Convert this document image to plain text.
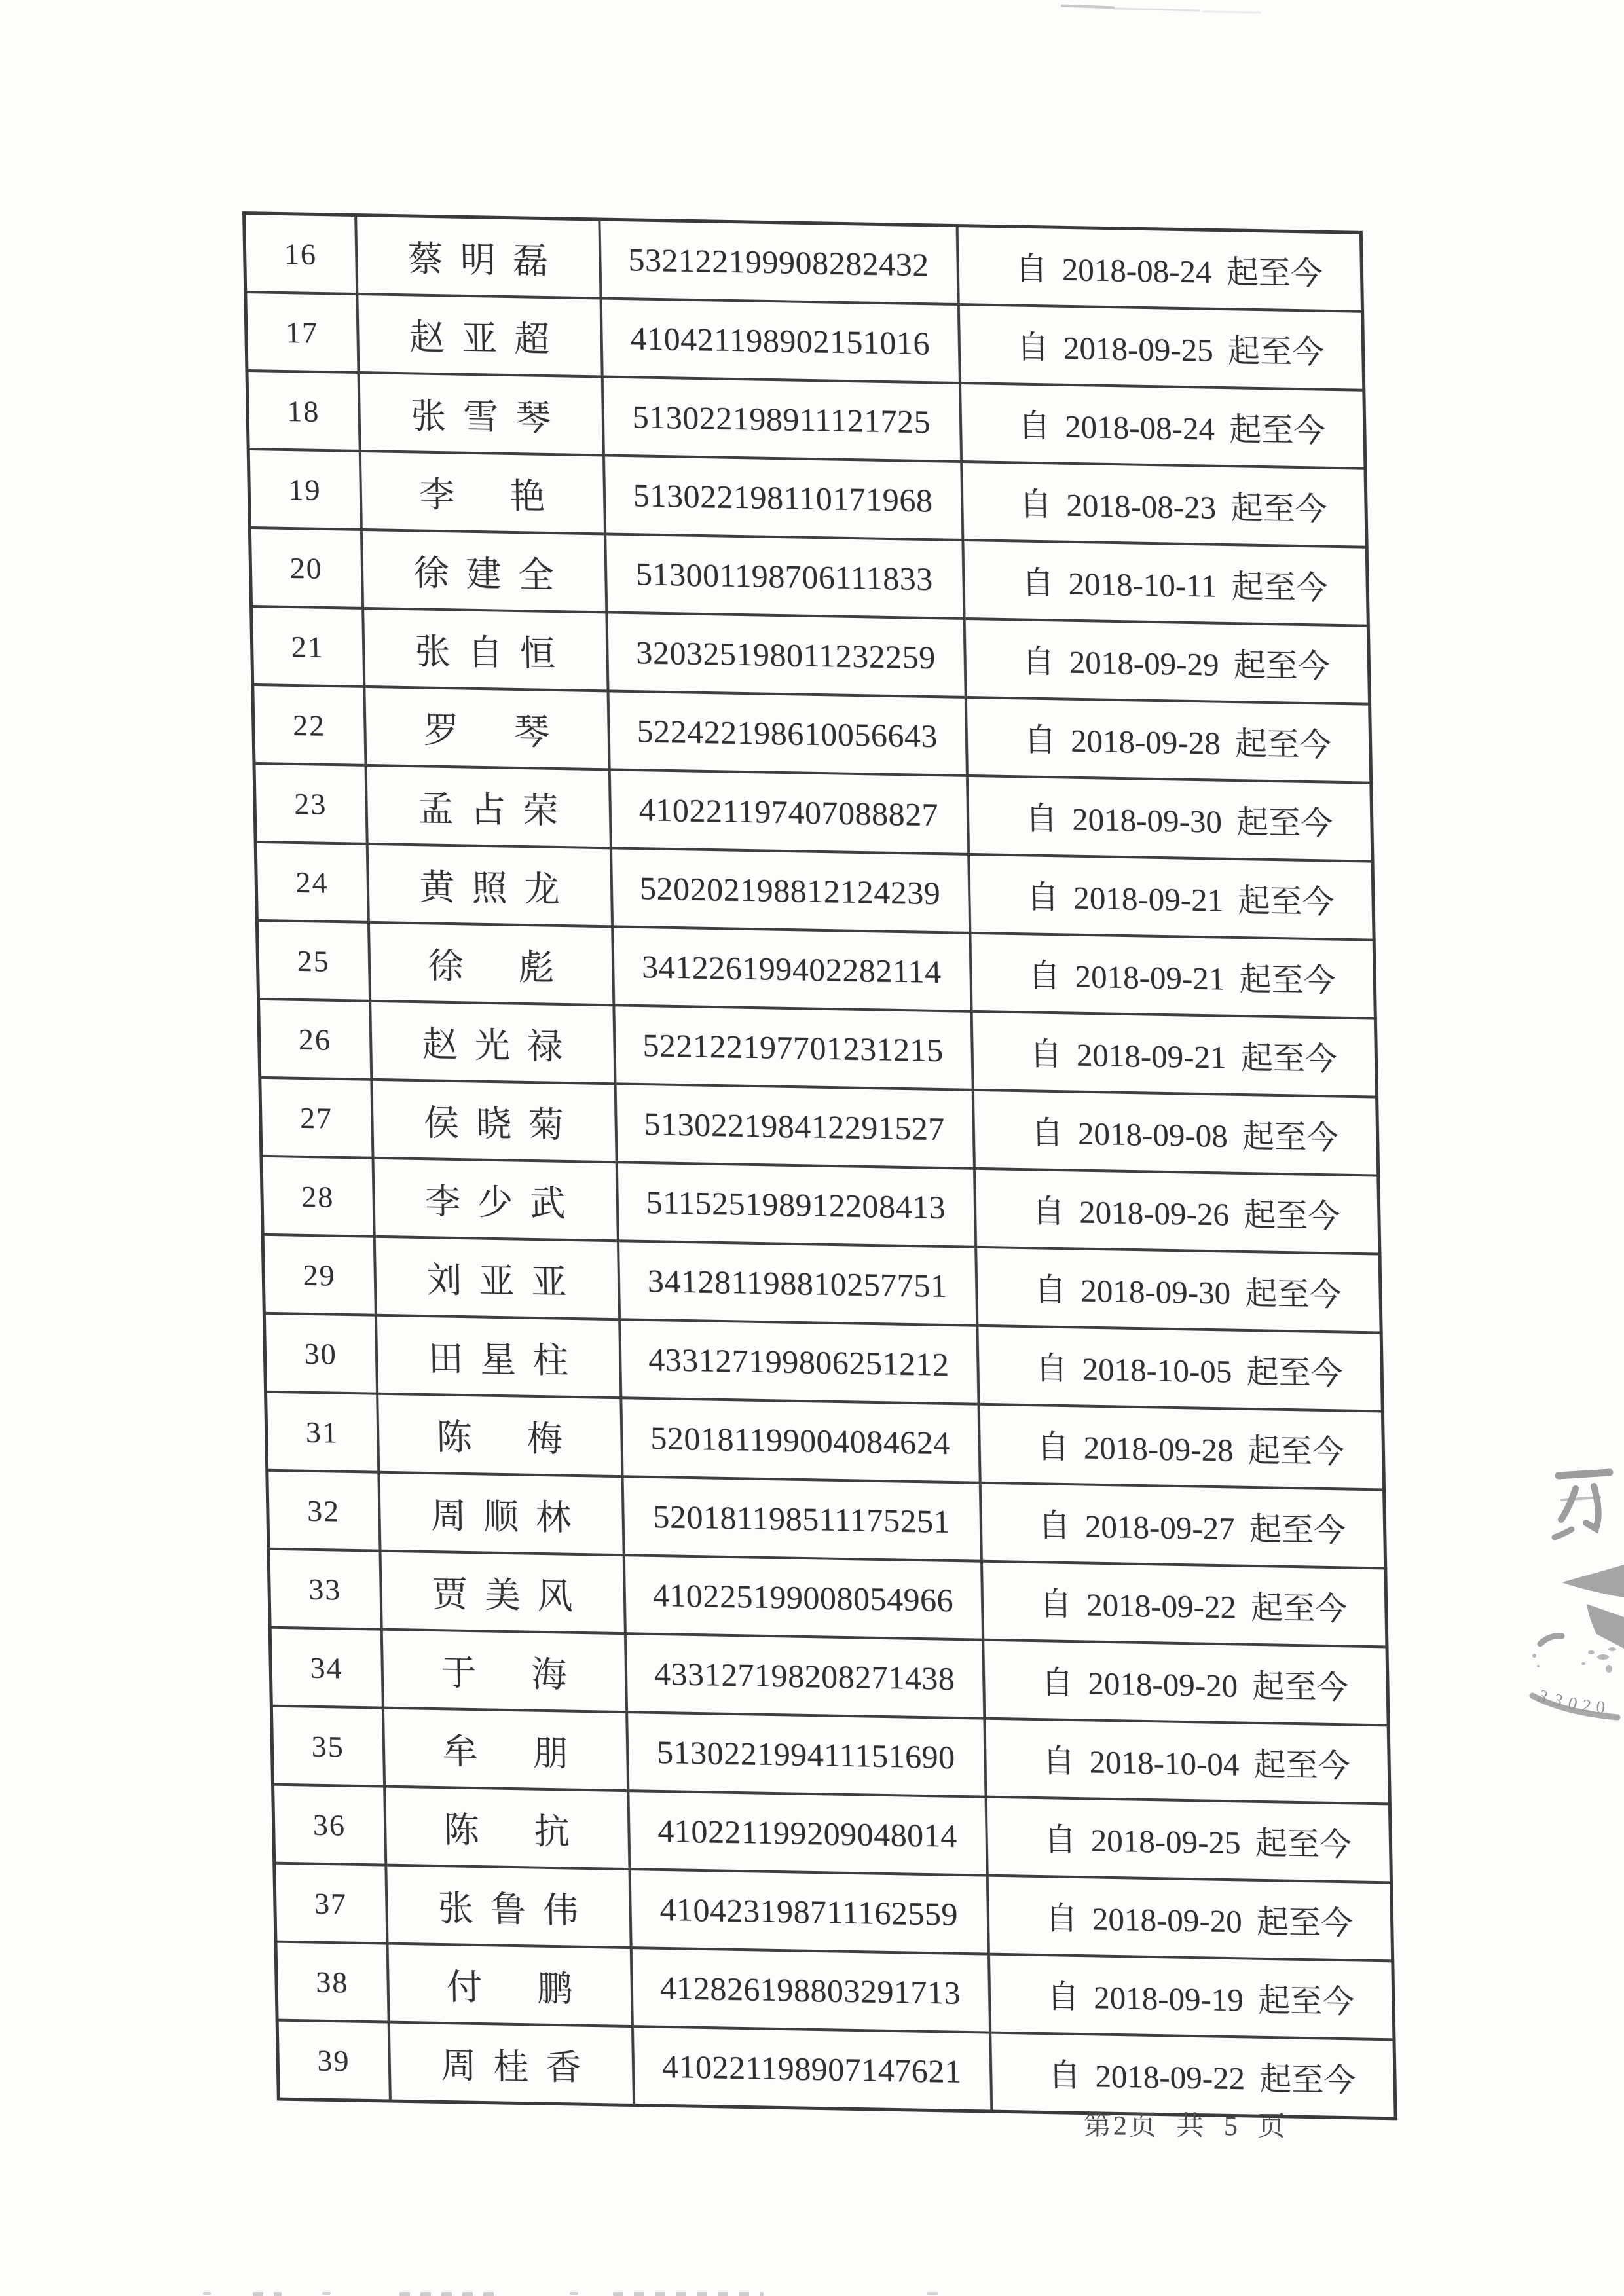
16	蔡明磊	532122199908282432	自 2018-08-24 起至今
17	赵亚超	410421198902151016	自 2018-09-25 起至今
18	张雪琴	513022198911121725	自 2018-08-24 起至今
19	李艳	513022198110171968	自 2018-08-23 起至今
20	徐建全	513001198706111833	自 2018-10-11 起至今
21	张自恒	320325198011232259	自 2018-09-29 起至今
22	罗琴	522422198610056643	自 2018-09-28 起至今
23	孟占荣	410221197407088827	自 2018-09-30 起至今
24	黄照龙	520202198812124239	自 2018-09-21 起至今
25	徐彪	341226199402282114	自 2018-09-21 起至今
26	赵光禄	522122197701231215	自 2018-09-21 起至今
27	侯晓菊	513022198412291527	自 2018-09-08 起至今
28	李少武	511525198912208413	自 2018-09-26 起至今
29	刘亚亚	341281198810257751	自 2018-09-30 起至今
30	田星柱	433127199806251212	自 2018-10-05 起至今
31	陈梅	520181199004084624	自 2018-09-28 起至今
32	周顺林	520181198511175251	自 2018-09-27 起至今
33	贾美风	410225199008054966	自 2018-09-22 起至今
34	于海	433127198208271438	自 2018-09-20 起至今
35	牟朋	513022199411151690	自 2018-10-04 起至今
36	陈抗	410221199209048014	自 2018-09-25 起至今
37	张鲁伟	410423198711162559	自 2018-09-20 起至今
38	付鹏	412826198803291713	自 2018-09-19 起至今
39	周桂香	410221198907147621	自 2018-09-22 起至今
3 3 0 2 0
第2页 共 5 页
